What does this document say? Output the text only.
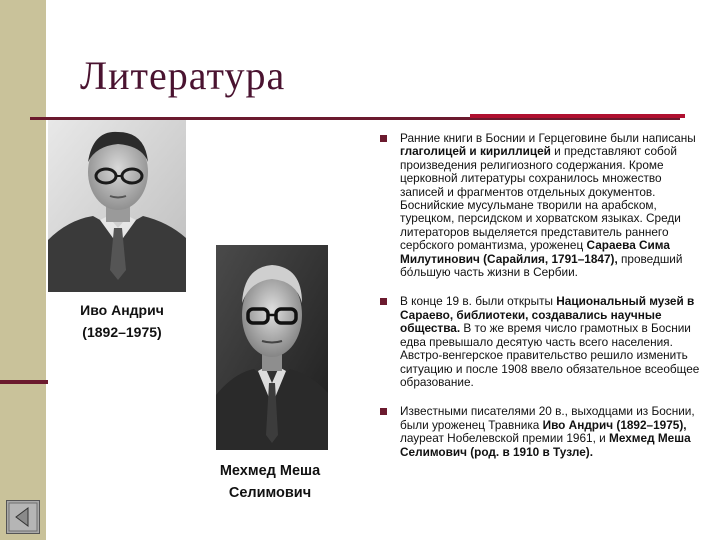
Литература
Иво Андрич
(1892–1975)
Мехмед Меша
Селимович
Ранние книги в Боснии и Герцеговине были написаны глаголицей и кириллицей и представляют собой произведения религиозного содержания. Кроме церковной литературы сохранилось множество записей и фрагментов отдельных документов. Боснийские мусульмане творили на арабском, турецком, персидском и хорватском языках. Среди литераторов выделяется представитель раннего сербского романтизма, уроженец Сараева Сима Милутинович (Сарайлия, 1791–1847), проведший бо́льшую часть жизни в Сербии.
В конце 19 в. были открыты Национальный музей в Сараево, библиотеки, создавались научные общества. В то же время число грамотных в Боснии едва превышало десятую часть всего населения. Австро-венгерское правительство решило изменить ситуацию и после 1908 ввело обязательное всеобщее образование.
Известными писателями 20 в., выходцами из Боснии, были уроженец Травника Иво Андрич (1892–1975), лауреат Нобелевской премии 1961, и Мехмед Меша Селимович (род. в 1910 в Тузле).
